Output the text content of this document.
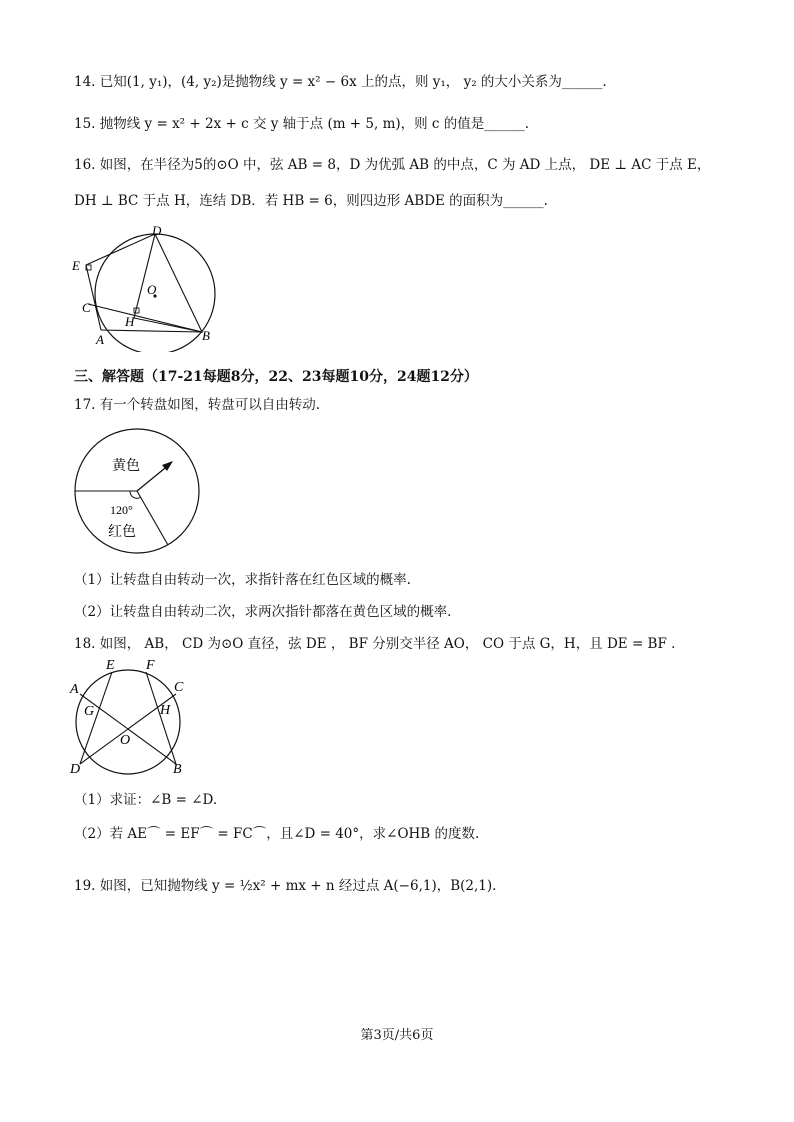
14. 已知(1, y₁)，(4, y₂)是抛物线 y = x² − 6x 上的点，则 y₁， y₂ 的大小关系为______.
15. 抛物线 y = x² + 2x + c 交 y 轴于点 (m + 5, m)，则 c 的值是______.
16. 如图，在半径为5的⊙O 中，弦 AB = 8，D 为优弧 AB 的中点，C 为 AD 上点， DE ⊥ AC 于点 E，
DH ⊥ BC 于点 H，连结 DB．若 HB = 6，则四边形 ABDE 的面积为______.
D
E
O
C
H
A	B
三、解答题（17-21每题8分，22、23每题10分，24题12分）
17. 有一个转盘如图，转盘可以自由转动.
黄色
120°
红色
（1）让转盘自由转动一次，求指针落在红色区域的概率.
（2）让转盘自由转动二次，求两次指针都落在黄色区域的概率.
18. 如图， AB， CD 为⊙O 直径，弦 DE ， BF 分别交半径 AO， CO 于点 G，H，且 DE = BF .
E F
A	C
G	H
O
D	B
（1）求证：∠B = ∠D.
（2）若 AE⌒ = EF⌒ = FC⌒，且∠D = 40°，求∠OHB 的度数.
19. 如图，已知抛物线 y = ½x² + mx + n 经过点 A(−6,1)，B(2,1).
第3页/共6页
